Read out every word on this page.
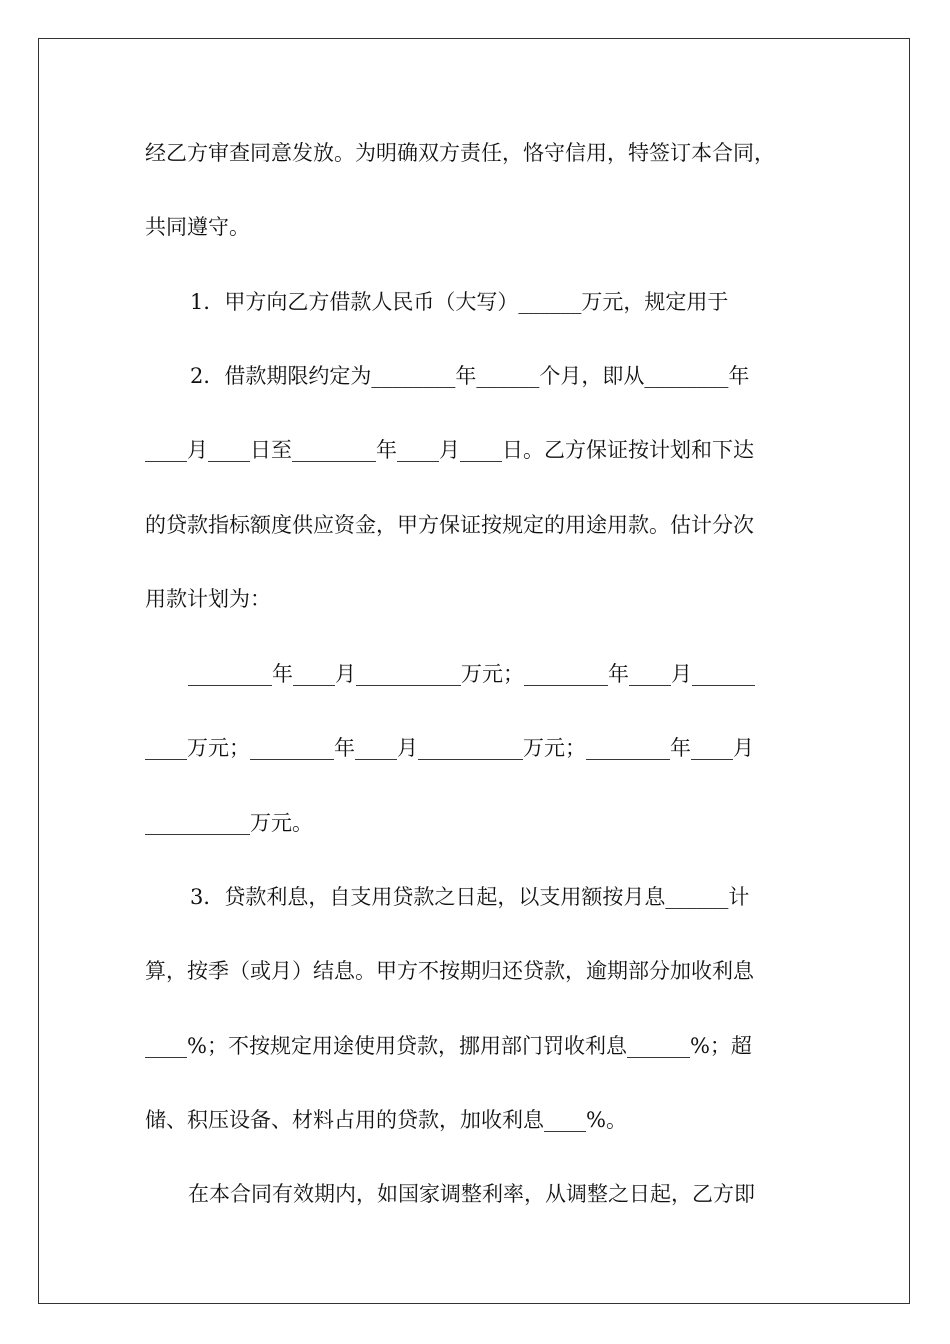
经乙方审查同意发放。为明确双方责任，恪守信用，特签订本合同，
共同遵守。
1．甲方向乙方借款人民币（大写）______万元，规定用于
2．借款期限约定为________年______个月，即从________年
____月____日至________年____月____日。乙方保证按计划和下达
的贷款指标额度供应资金，甲方保证按规定的用途用款。估计分次
用款计划为：
________年____月__________万元；________年____月______
____万元；________年____月__________万元；________年____月
__________万元。
3．贷款利息，自支用贷款之日起，以支用额按月息______计
算，按季（或月）结息。甲方不按期归还贷款，逾期部分加收利息
____%；不按规定用途使用贷款，挪用部门罚收利息______%；超
储、积压设备、材料占用的贷款，加收利息____%。
在本合同有效期内，如国家调整利率，从调整之日起，乙方即
